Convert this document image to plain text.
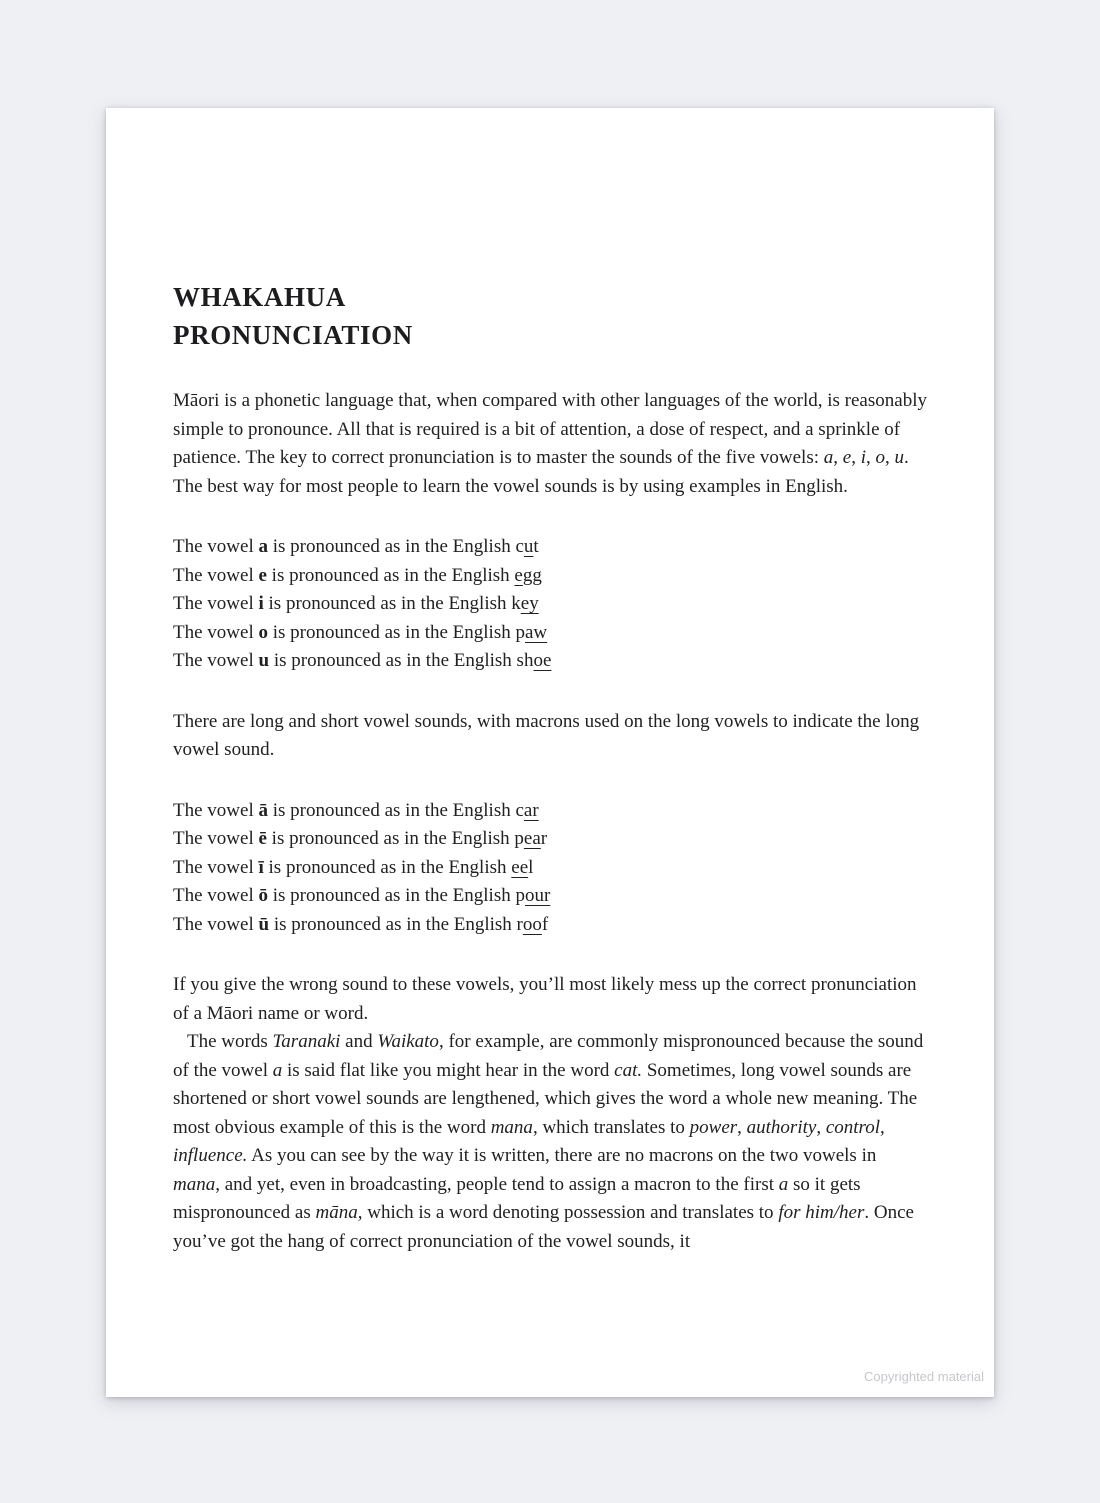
WHAKAHUA
PRONUNCIATION

Māori is a phonetic language that, when compared with other languages of the world, is reasonably simple to pronounce. All that is required is a bit of attention, a dose of respect, and a sprinkle of patience. The key to correct pronunciation is to master the sounds of the five vowels: a, e, i, o, u. The best way for most people to learn the vowel sounds is by using examples in English.

The vowel a is pronounced as in the English cut
The vowel e is pronounced as in the English egg
The vowel i is pronounced as in the English key
The vowel o is pronounced as in the English paw
The vowel u is pronounced as in the English shoe

There are long and short vowel sounds, with macrons used on the long vowels to indicate the long vowel sound.

The vowel ā is pronounced as in the English car
The vowel ē is pronounced as in the English pear
The vowel ī is pronounced as in the English eel
The vowel ō is pronounced as in the English pour
The vowel ū is pronounced as in the English roof

If you give the wrong sound to these vowels, you’ll most likely mess up the correct pronunciation of a Māori name or word.

The words Taranaki and Waikato, for example, are commonly mispronounced because the sound of the vowel a is said flat like you might hear in the word cat. Sometimes, long vowel sounds are shortened or short vowel sounds are lengthened, which gives the word a whole new meaning. The most obvious example of this is the word mana, which translates to power, authority, control, influence. As you can see by the way it is written, there are no macrons on the two vowels in mana, and yet, even in broadcasting, people tend to assign a macron to the first a so it gets mispronounced as māna, which is a word denoting possession and translates to for him/her. Once you’ve got the hang of correct pronunciation of the vowel sounds, it

Copyrighted material
